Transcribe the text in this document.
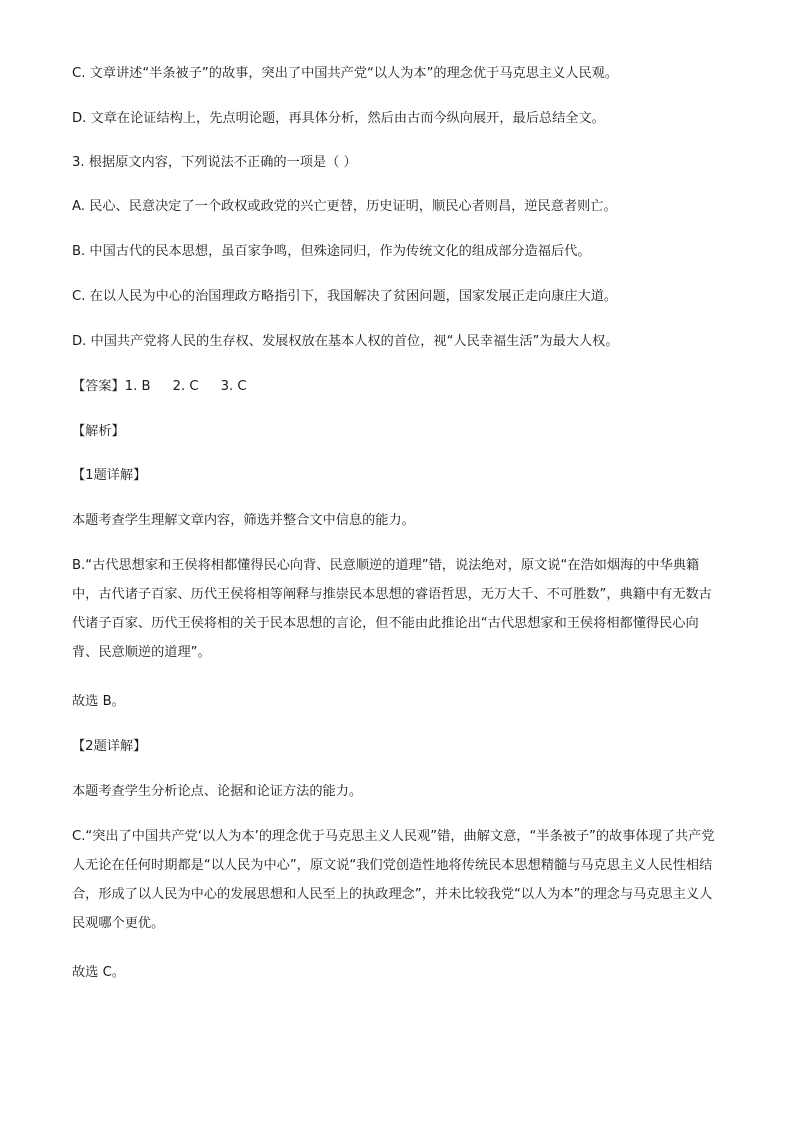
C. 文章讲述“半条被子”的故事，突出了中国共产党“以人为本”的理念优于马克思主义人民观。
D. 文章在论证结构上，先点明论题，再具体分析，然后由古而今纵向展开，最后总结全文。
3. 根据原文内容，下列说法不正确的一项是（ ）
A. 民心、民意决定了一个政权或政党的兴亡更替，历史证明，顺民心者则昌，逆民意者则亡。
B. 中国古代的民本思想，虽百家争鸣，但殊途同归，作为传统文化的组成部分造福后代。
C. 在以人民为中心的治国理政方略指引下，我国解决了贫困问题，国家发展正走向康庄大道。
D. 中国共产党将人民的生存权、发展权放在基本人权的首位，视“人民幸福生活”为最大人权。
【答案】1. B 2. C 3. C
【解析】
【1题详解】
本题考查学生理解文章内容，筛选并整合文中信息的能力。
B.“古代思想家和王侯将相都懂得民心向背、民意顺逆的道理”错，说法绝对，原文说“在浩如烟海的中华典籍中，古代诸子百家、历代王侯将相等阐释与推崇民本思想的睿语哲思，无万大千、不可胜数”，典籍中有无数古代诸子百家、历代王侯将相的关于民本思想的言论，但不能由此推论出“古代思想家和王侯将相都懂得民心向背、民意顺逆的道理”。
故选 B。
【2题详解】
本题考查学生分析论点、论据和论证方法的能力。
C.“突出了中国共产党‘以人为本’的理念优于马克思主义人民观”错，曲解文意，“半条被子”的故事体现了共产党人无论在任何时期都是“以人民为中心”，原文说“我们党创造性地将传统民本思想精髓与马克思主义人民性相结合，形成了以人民为中心的发展思想和人民至上的执政理念”，并未比较我党“以人为本”的理念与马克思主义人民观哪个更优。
故选 C。
